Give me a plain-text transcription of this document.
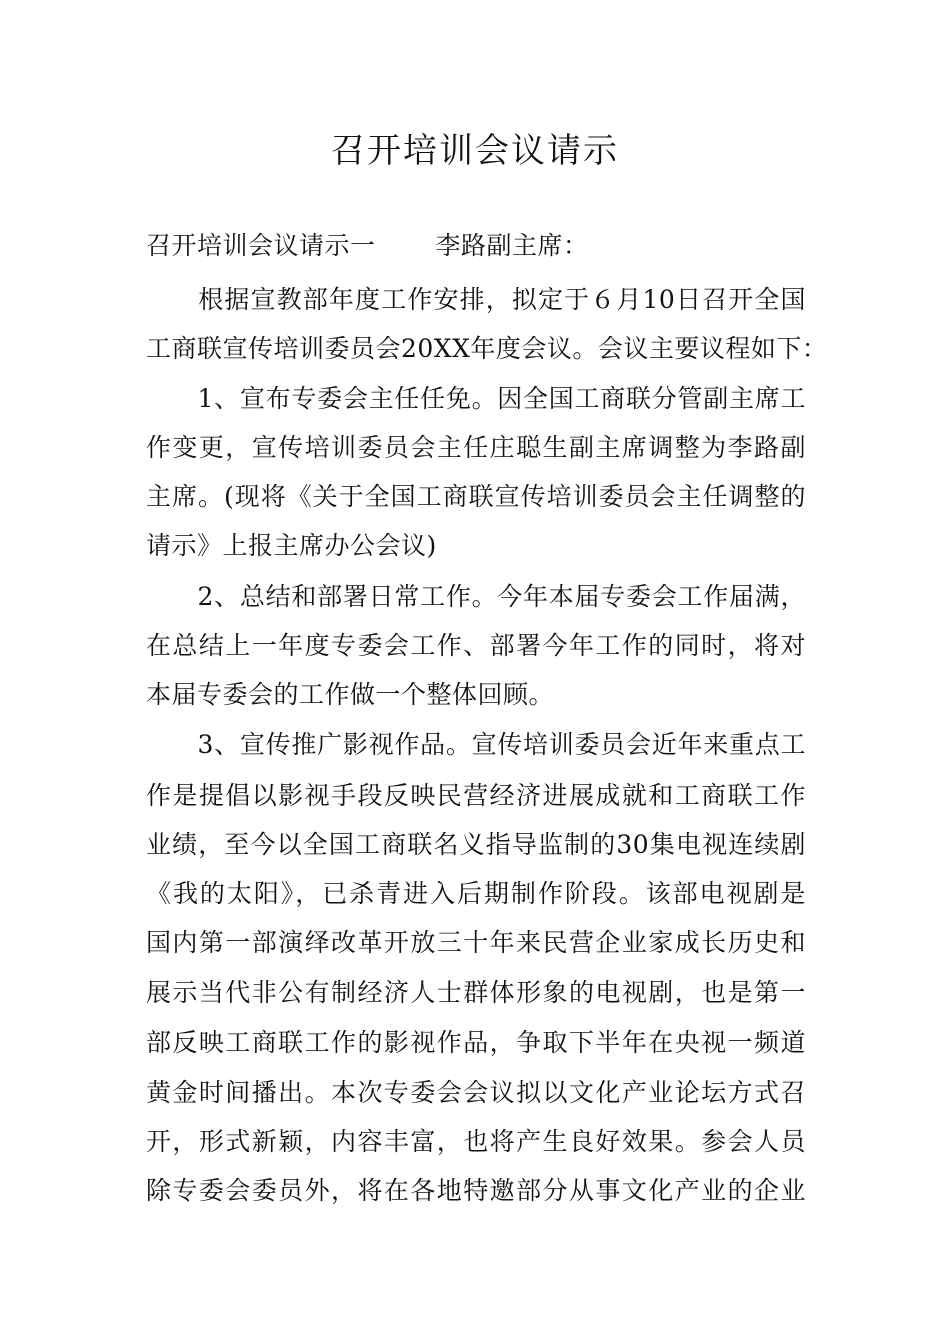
召开培训会议请示
召开培训会议请示一 李路副主席：
　　根据宣教部年度工作安排，拟定于６月10日召开全国
工商联宣传培训委员会20XX年度会议。会议主要议程如下：
　　1、宣布专委会主任任免。因全国工商联分管副主席工
作变更，宣传培训委员会主任庄聪生副主席调整为李路副
主席。(现将《关于全国工商联宣传培训委员会主任调整的
请示》上报主席办公会议)
　　2、总结和部署日常工作。今年本届专委会工作届满，
在总结上一年度专委会工作、部署今年工作的同时，将对
本届专委会的工作做一个整体回顾。
　　3、宣传推广影视作品。宣传培训委员会近年来重点工
作是提倡以影视手段反映民营经济进展成就和工商联工作
业绩，至今以全国工商联名义指导监制的30集电视连续剧
《我的太阳》，已杀青进入后期制作阶段。该部电视剧是
国内第一部演绎改革开放三十年来民营企业家成长历史和
展示当代非公有制经济人士群体形象的电视剧，也是第一
部反映工商联工作的影视作品，争取下半年在央视一频道
黄金时间播出。本次专委会会议拟以文化产业论坛方式召
开，形式新颖，内容丰富，也将产生良好效果。参会人员
除专委会委员外，将在各地特邀部分从事文化产业的企业
